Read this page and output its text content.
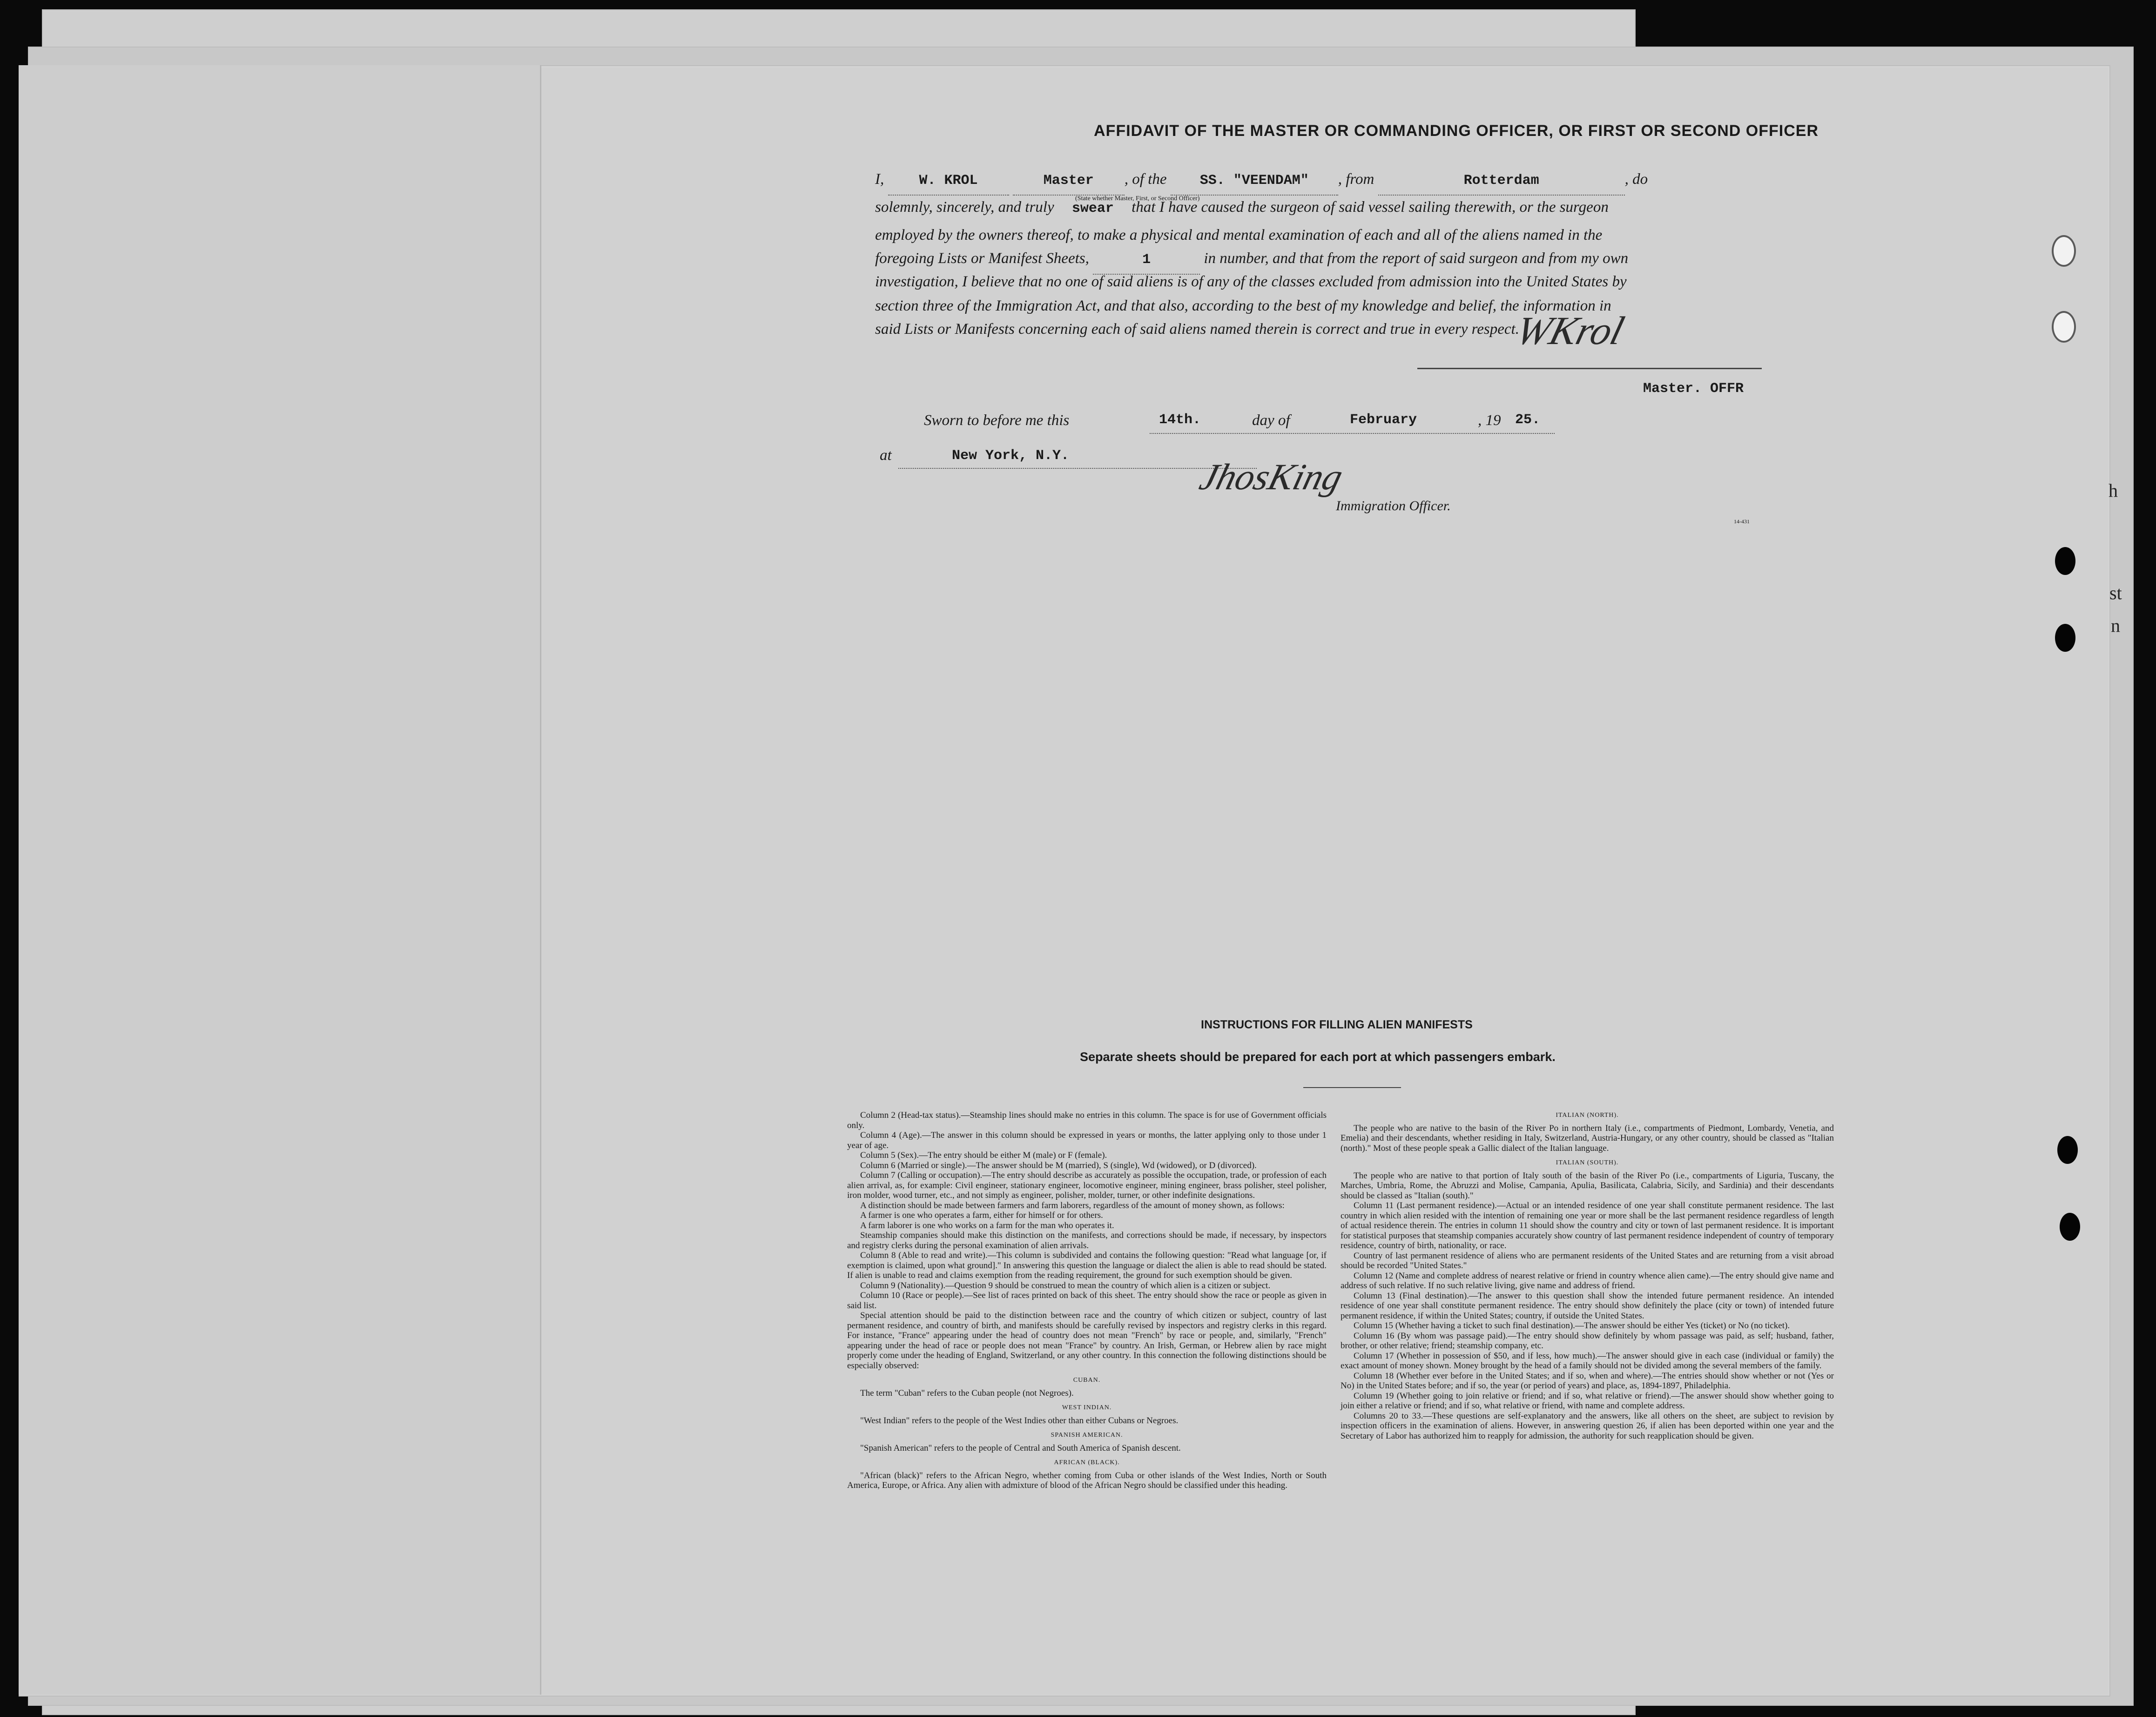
h
st
n
AFFIDAVIT OF THE MASTER OR COMMANDING OFFICER, OR FIRST OR SECOND OFFICER
I,	W. KROL	Master , of the SS. "VEENDAM" , from	Rotterdam	, do
(State whether Master, First, or Second Officer)
solemnly, sincerely, and truly swear that I have caused the surgeon of said vessel sailing therewith, or the surgeon
employed by the owners thereof, to make a physical and mental examination of each and all of the aliens named in the
foregoing Lists or Manifest Sheets,	1	in number, and that from the report of said surgeon and from my own
investigation, I believe that no one of said aliens is of any of the classes excluded from admission into the United States by
section three of the Immigration Act, and that also, according to the best of my knowledge and belief, the information in
said Lists or Manifests concerning each of said aliens named therein is correct and true in every respect.
WKrol
Master. OFFR
Sworn to before me this	14th.	day of	February	, 19 25.
at	New York, N.Y.
JhosKing
Immigration Officer.
14-431
INSTRUCTIONS FOR FILLING ALIEN MANIFESTS
Separate sheets should be prepared for each port at which passengers embark.

Column 2 (Head-tax status).—Steamship lines should make no entries in this column. The space is for use of Government officials only.

Column 4 (Age).—The answer in this column should be expressed in years or months, the latter applying only to those under 1 year of age.

Column 5 (Sex).—The entry should be either M (male) or F (female).

Column 6 (Married or single).—The answer should be M (married), S (single), Wd (widowed), or D (divorced).

Column 7 (Calling or occupation).—The entry should describe as accurately as possible the occupation, trade, or profession of each alien arrival, as, for example: Civil engineer, stationary engineer, locomotive engineer, mining engineer, brass polisher, steel polisher, iron molder, wood turner, etc., and not simply as engineer, polisher, molder, turner, or other indefinite designations.

A distinction should be made between farmers and farm laborers, regardless of the amount of money shown, as follows:

A farmer is one who operates a farm, either for himself or for others.

A farm laborer is one who works on a farm for the man who operates it.

Steamship companies should make this distinction on the manifests, and corrections should be made, if necessary, by inspectors and registry clerks during the personal examination of alien arrivals.

Column 8 (Able to read and write).—This column is subdivided and contains the following question: "Read what language [or, if exemption is claimed, upon what ground]." In answering this question the language or dialect the alien is able to read should be stated. If alien is unable to read and claims exemption from the reading requirement, the ground for such exemption should be given.

Column 9 (Nationality).—Question 9 should be construed to mean the country of which alien is a citizen or subject.

Column 10 (Race or people).—See list of races printed on back of this sheet. The entry should show the race or people as given in said list.

Special attention should be paid to the distinction between race and the country of which citizen or subject, country of last permanent residence, and country of birth, and manifests should be carefully revised by inspectors and registry clerks in this regard. For instance, "France" appearing under the head of country does not mean "French" by race or people, and, similarly, "French" appearing under the head of race or people does not mean "France" by country. An Irish, German, or Hebrew alien by race might properly come under the heading of England, Switzerland, or any other country. In this connection the following distinctions should be especially observed:

CUBAN.

The term "Cuban" refers to the Cuban people (not Negroes).

WEST INDIAN.

"West Indian" refers to the people of the West Indies other than either Cubans or Negroes.

SPANISH AMERICAN.

"Spanish American" refers to the people of Central and South America of Spanish descent.

AFRICAN (BLACK).

"African (black)" refers to the African Negro, whether coming from Cuba or other islands of the West Indies, North or South America, Europe, or Africa. Any alien with admixture of blood of the African Negro should be classified under this heading.

ITALIAN (NORTH).

The people who are native to the basin of the River Po in northern Italy (i.e., compartments of Piedmont, Lombardy, Venetia, and Emelia) and their descendants, whether residing in Italy, Switzerland, Austria-Hungary, or any other country, should be classed as "Italian (north)." Most of these people speak a Gallic dialect of the Italian language.

ITALIAN (SOUTH).

The people who are native to that portion of Italy south of the basin of the River Po (i.e., compartments of Liguria, Tuscany, the Marches, Umbria, Rome, the Abruzzi and Molise, Campania, Apulia, Basilicata, Calabria, Sicily, and Sardinia) and their descendants should be classed as "Italian (south)."

Column 11 (Last permanent residence).—Actual or an intended residence of one year shall constitute permanent residence. The last country in which alien resided with the intention of remaining one year or more shall be the last permanent residence regardless of length of actual residence therein. The entries in column 11 should show the country and city or town of last permanent residence. It is important for statistical purposes that steamship companies accurately show country of last permanent residence independent of country of temporary residence, country of birth, nationality, or race.

Country of last permanent residence of aliens who are permanent residents of the United States and are returning from a visit abroad should be recorded "United States."

Column 12 (Name and complete address of nearest relative or friend in country whence alien came).—The entry should give name and address of such relative. If no such relative living, give name and address of friend.

Column 13 (Final destination).—The answer to this question shall show the intended future permanent residence. An intended residence of one year shall constitute permanent residence. The entry should show definitely the place (city or town) of intended future permanent residence, if within the United States; country, if outside the United States.

Column 15 (Whether having a ticket to such final destination).—The answer should be either Yes (ticket) or No (no ticket).

Column 16 (By whom was passage paid).—The entry should show definitely by whom passage was paid, as self; husband, father, brother, or other relative; friend; steamship company, etc.

Column 17 (Whether in possession of $50, and if less, how much).—The answer should give in each case (individual or family) the exact amount of money shown. Money brought by the head of a family should not be divided among the several members of the family.

Column 18 (Whether ever before in the United States; and if so, when and where).—The entries should show whether or not (Yes or No) in the United States before; and if so, the year (or period of years) and place, as, 1894-1897, Philadelphia.

Column 19 (Whether going to join relative or friend; and if so, what relative or friend).—The answer should show whether going to join either a relative or friend; and if so, what relative or friend, with name and complete address.

Columns 20 to 33.—These questions are self-explanatory and the answers, like all others on the sheet, are subject to revision by inspection officers in the examination of aliens. However, in answering question 26, if alien has been deported within one year and the Secretary of Labor has authorized him to reapply for admission, the authority for such reapplication should be given.
